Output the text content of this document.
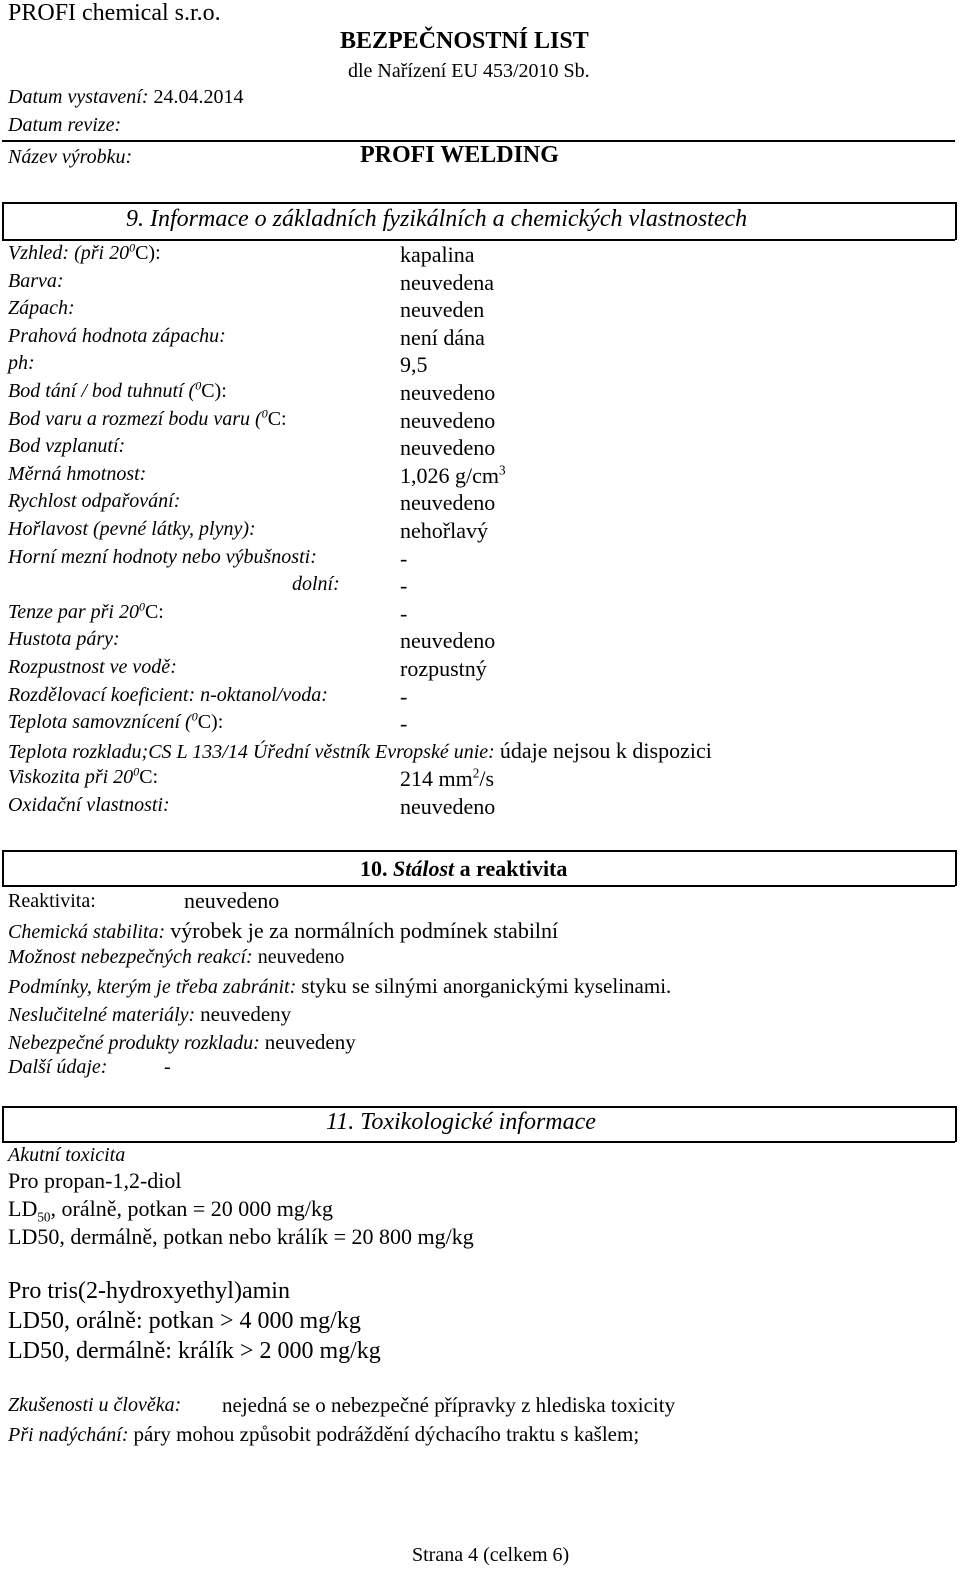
PROFI chemical s.r.o.
BEZPEČNOSTNÍ LIST
dle Nařízení EU 453/2010 Sb.
Datum vystavení: 24.04.2014
Datum revize:
Název výrobku:	PROFI WELDING
9. Informace o základních fyzikálních a chemických vlastnostech
Vzhled: (při $20^0C$):	kapalina
Barva:	neuvedena
Zápach:	neuveden
Prahová hodnota zápachu:	není dána
ph:	9,5
Bod tání / bod tuhnutí ($^0$C):	neuvedeno
Bod varu a rozmezí bodu varu ($^0$C:	neuvedeno
Bod vzplanutí:	neuvedeno
Měrná hmotnost:	1,026 $g/cm^3$
Rychlost odpařování:	neuvedeno
Hořlavost (pevné látky, plyny):	nehořlavý
Horní mezní hodnoty nebo výbušnosti:	-
dolní:	-
Tenze par při $20^0C$:	-
Hustota páry:	neuvedeno
Rozpustnost ve vodě:	rozpustný
Rozdělovací koeficient: n-oktanol/voda:	-
Teplota samovznícení ($^0$C):	-
Teplota rozkladu;CS L 133/14 Úřední věstník Evropské unie: údaje nejsou k dispozici
Viskozita při $20^0C$:	214 $mm^2/s$
Oxidační vlastnosti:	neuvedeno
10. Stálost a reaktivita
Reaktivita:	neuvedeno
Chemická stabilita: výrobek je za normálních podmínek stabilní
Možnost nebezpečných reakcí: neuvedeno
Podmínky, kterým je třeba zabránit: styku se silnými anorganickými kyselinami.
Neslučitelné materiály: neuvedeny
Nebezpečné produkty rozkladu: neuvedeny
Další údaje:	-
11. Toxikologické informace
Akutní toxicita
Pro propan-1,2-diol
$LD_{50}$, orálně, potkan = 20 000 mg/kg
LD50, dermálně, potkan nebo králík = 20 800 mg/kg
Pro tris(2-hydroxyethyl)amin
LD50, orálně: potkan > 4 000 mg/kg
LD50, dermálně: králík > 2 000 mg/kg
Zkušenosti u člověka: nejedná se o nebezpečné přípravky z hlediska toxicity
Při nadýchání: páry mohou způsobit podráždění dýchacího traktu s kašlem;
Strana 4 (celkem 6)
